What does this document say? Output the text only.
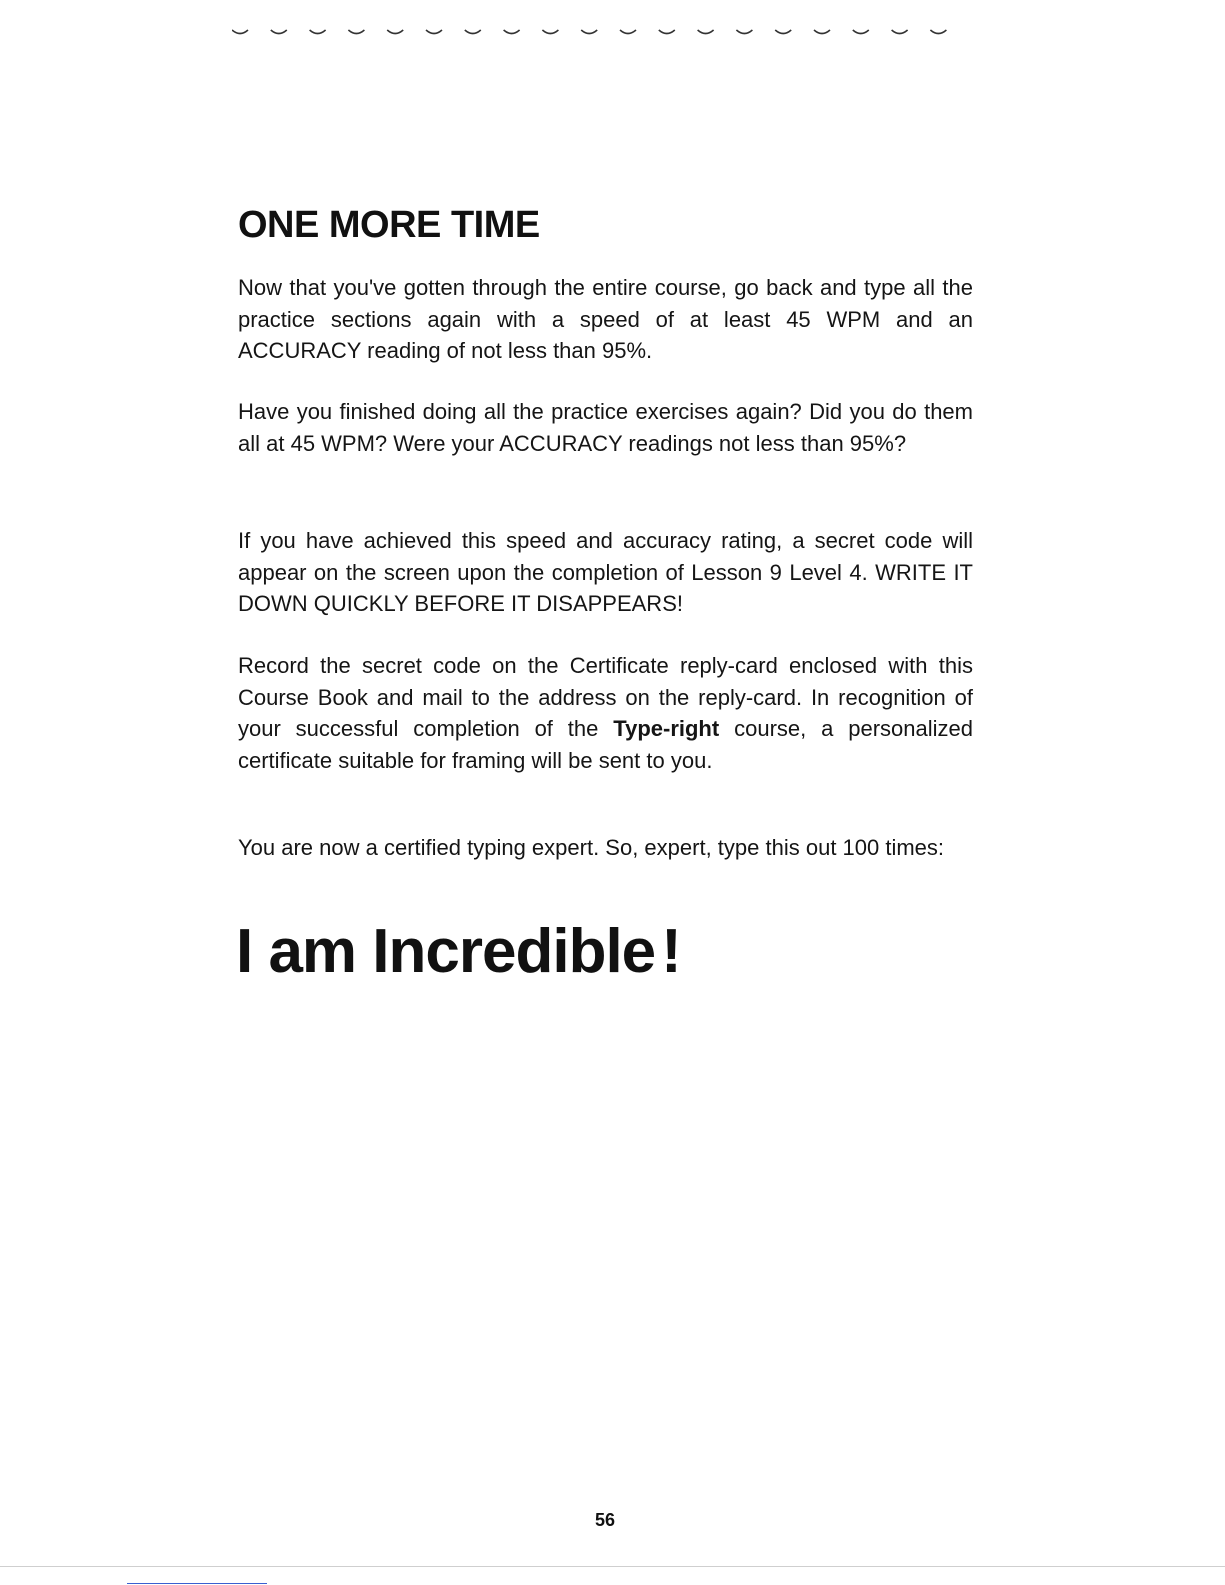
ONE MORE TIME

Now that you've gotten through the entire course, go back and type all the practice sections again with a speed of at least 45 WPM and an ACCURACY reading of not less than 95%.

Have you finished doing all the practice exercises again? Did you do them all at 45 WPM? Were your ACCURACY readings not less than 95%?

If you have achieved this speed and accuracy rating, a secret code will appear on the screen upon the completion of Lesson 9 Level 4. WRITE IT DOWN QUICKLY BEFORE IT DISAPPEARS!

Record the secret code on the Certificate reply-card enclosed with this Course Book and mail to the address on the reply-card. In recognition of your successful completion of the Type-right course, a personalized certificate suitable for framing will be sent to you.

You are now a certified typing expert. So, expert, type this out 100 times:

I am Incredible!
56
